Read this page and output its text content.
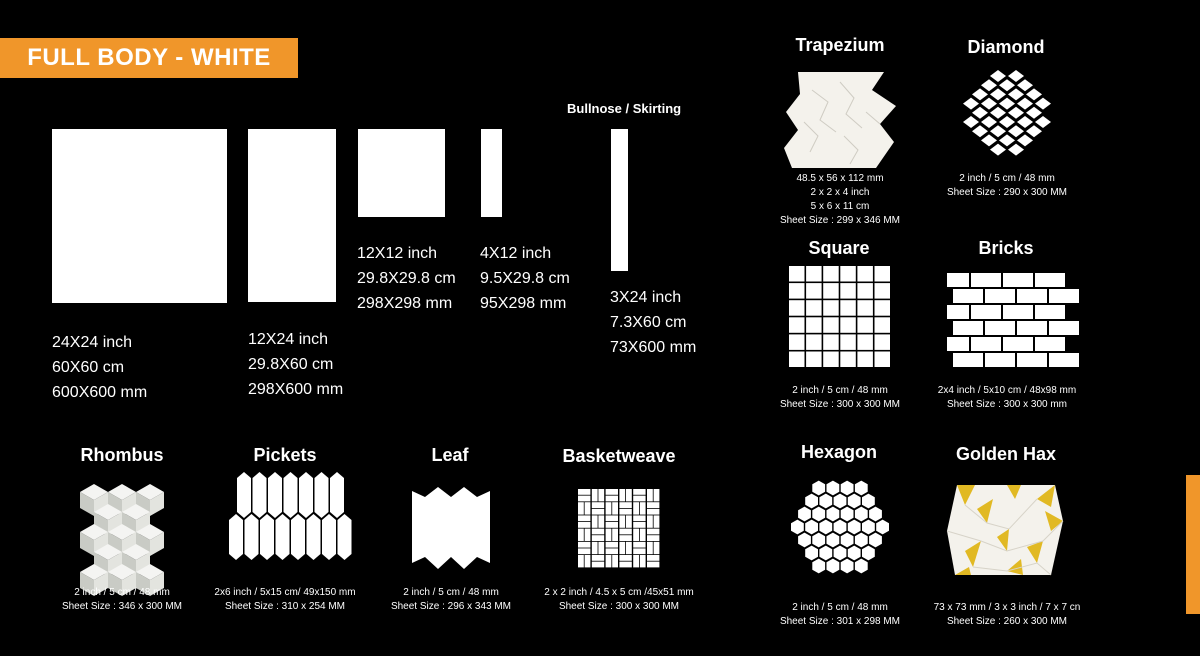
FULL BODY - WHITE
24X24 inch
60X60 cm
600X600 mm
12X24 inch
29.8X60 cm
298X600 mm
12X12 inch
29.8X29.8 cm
298X298 mm
4X12 inch
9.5X29.8 cm
95X298 mm
Bullnose / Skirting
3X24 inch
7.3X60 cm
73X600 mm
Trapezium
48.5 x 56 x 112 mm
2 x 2 x 4 inch
5 x 6 x 11 cm
Sheet Size : 299 x 346 MM
Diamond
2 inch / 5 cm / 48 mm
Sheet Size : 290 x 300 MM
Square
2 inch / 5 cm / 48 mm
Sheet Size : 300 x 300 MM
Bricks
2x4 inch / 5x10 cm / 48x98 mm
Sheet Size : 300 x 300 mm
Hexagon
2 inch / 5 cm / 48 mm
Sheet Size : 301 x 298 MM
Golden Hax
73 x 73 mm / 3 x 3 inch / 7 x 7 cn
Sheet Size : 260 x 300 MM
Rhombus
2 inch / 5 cm / 48 mm
Sheet Size : 346 x 300 MM
Pickets
2x6 inch / 5x15 cm/ 49x150 mm
Sheet Size : 310 x 254 MM
Leaf
2 inch / 5 cm / 48 mm
Sheet Size : 296 x 343 MM
Basketweave
2 x 2 inch / 4.5 x 5 cm /45x51 mm
Sheet Size : 300 x 300 MM
